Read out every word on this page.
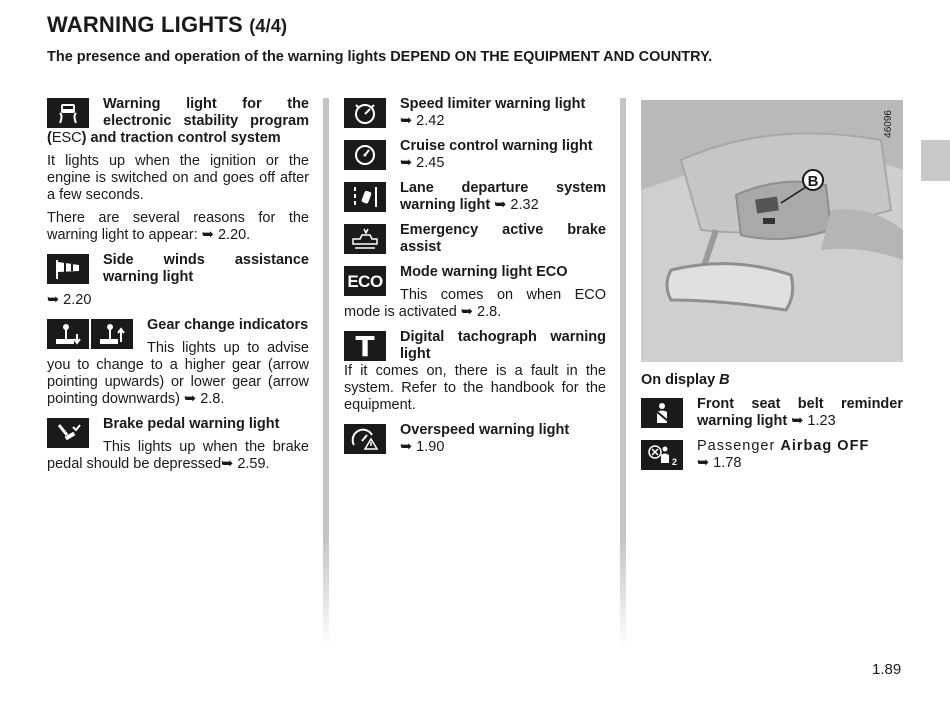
WARNING LIGHTS (4/4)
The presence and operation of the warning lights DEPEND ON THE EQUIPMENT AND COUNTRY.
Warning light for the electronic stability program (ESC) and traction control system
It lights up when the ignition or the engine is switched on and goes off after a few seconds.
There are several reasons for the warning light to appear: ➥ 2.20.
Side winds assistance warning light
➥ 2.20
Gear change indicators
This lights up to advise you to change to a higher gear (arrow pointing upwards) or lower gear (arrow pointing downwards) ➥ 2.8.
Brake pedal warning light
This lights up when the brake pedal should be depressed➥ 2.59.
Speed limiter warning light
➥ 2.42
Cruise control warning light
➥ 2.45
Lane departure system warning light ➥ 2.32
Emergency active brake assist
ECO	Mode warning light ECO
This comes on when ECO mode is activated ➥ 2.8.
T	Digital tachograph warning light
If it comes on, there is a fault in the system. Refer to the handbook for the equipment.
Overspeed warning light
➥ 1.90
B
46096
On display B
Front seat belt reminder warning light ➥ 1.23
2
Passenger Airbag OFF
➥ 1.78
1.89
